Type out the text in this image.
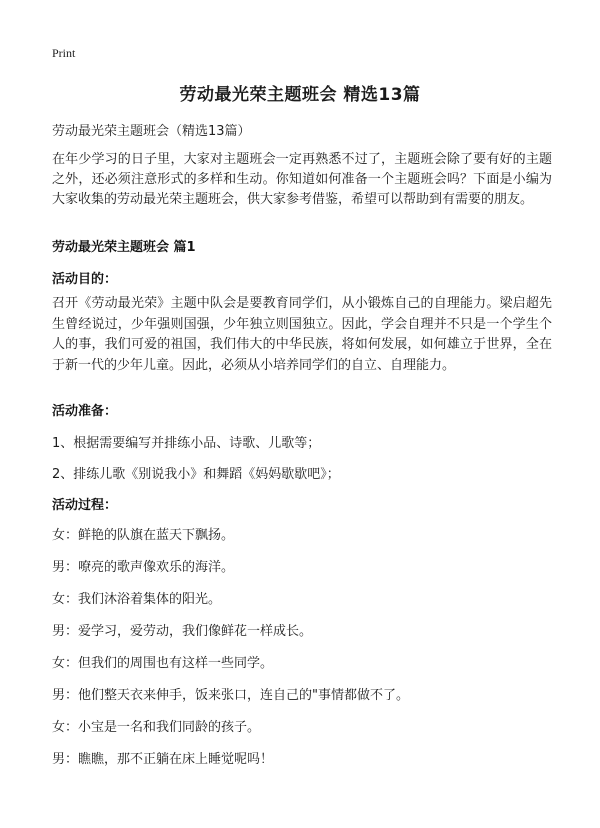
Print
劳动最光荣主题班会 精选13篇
劳动最光荣主题班会（精选13篇）
在年少学习的日子里，大家对主题班会一定再熟悉不过了，主题班会除了要有好的主题之外，还必须注意形式的多样和生动。你知道如何准备一个主题班会吗？下面是小编为大家收集的劳动最光荣主题班会，供大家参考借鉴，希望可以帮助到有需要的朋友。
劳动最光荣主题班会 篇1
活动目的：
召开《劳动最光荣》主题中队会是要教育同学们，从小锻炼自己的自理能力。梁启超先生曾经说过，少年强则国强，少年独立则国独立。因此，学会自理并不只是一个学生个人的事，我们可爱的祖国，我们伟大的中华民族，将如何发展，如何雄立于世界，全在于新一代的少年儿童。因此，必须从小培养同学们的自立、自理能力。
活动准备：
1、根据需要编写并排练小品、诗歌、儿歌等；
2、排练儿歌《别说我小》和舞蹈《妈妈歇歇吧》；
活动过程：
女：鲜艳的队旗在蓝天下飘扬。
男：嘹亮的歌声像欢乐的海洋。
女：我们沐浴着集体的阳光。
男：爱学习，爱劳动，我们像鲜花一样成长。
女：但我们的周围也有这样一些同学。
男：他们整天衣来伸手，饭来张口，连自己的"事情都做不了。
女：小宝是一名和我们同龄的孩子。
男：瞧瞧，那不正躺在床上睡觉呢吗！
